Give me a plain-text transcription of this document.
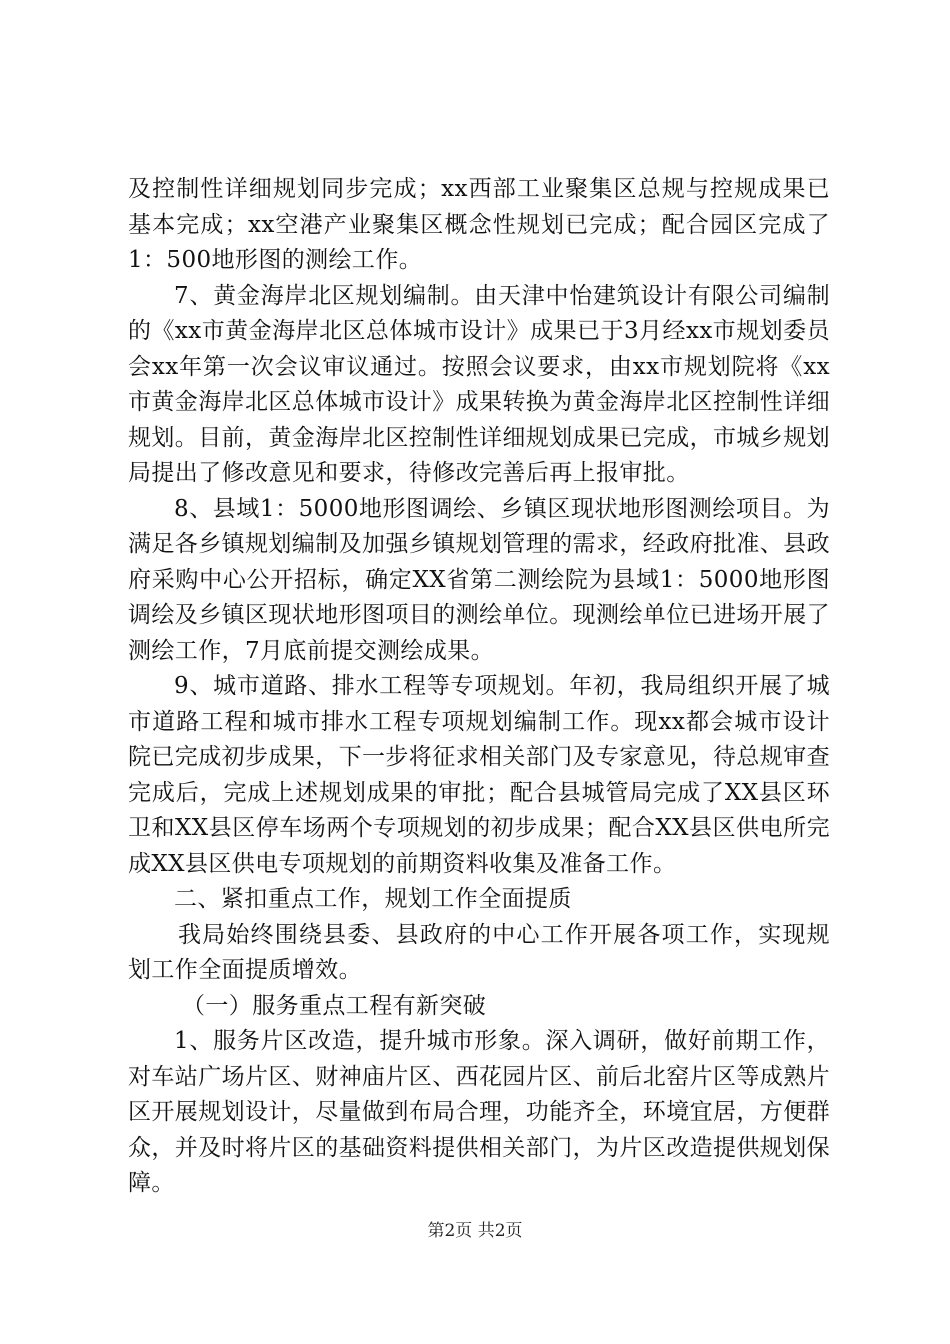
及控制性详细规划同步完成；xx西部工业聚集区总规与控规成果已基本完成；xx空港产业聚集区概念性规划已完成；配合园区完成了1：500地形图的测绘工作。

7、黄金海岸北区规划编制。由天津中怡建筑设计有限公司编制的《xx市黄金海岸北区总体城市设计》成果已于3月经xx市规划委员会xx年第一次会议审议通过。按照会议要求，由xx市规划院将《xx市黄金海岸北区总体城市设计》成果转换为黄金海岸北区控制性详细规划。目前，黄金海岸北区控制性详细规划成果已完成，市城乡规划局提出了修改意见和要求，待修改完善后再上报审批。

8、县域1：5000地形图调绘、乡镇区现状地形图测绘项目。为满足各乡镇规划编制及加强乡镇规划管理的需求，经政府批准、县政府采购中心公开招标，确定XX省第二测绘院为县域1：5000地形图调绘及乡镇区现状地形图项目的测绘单位。现测绘单位已进场开展了测绘工作，7月底前提交测绘成果。

9、城市道路、排水工程等专项规划。年初，我局组织开展了城市道路工程和城市排水工程专项规划编制工作。现xx都会城市设计院已完成初步成果，下一步将征求相关部门及专家意见，待总规审查完成后，完成上述规划成果的审批；配合县城管局完成了XX县区环卫和XX县区停车场两个专项规划的初步成果；配合XX县区供电所完成XX县区供电专项规划的前期资料收集及准备工作。

二、紧扣重点工作，规划工作全面提质

我局始终围绕县委、县政府的中心工作开展各项工作，实现规划工作全面提质增效。

（一）服务重点工程有新突破

1、服务片区改造，提升城市形象。深入调研，做好前期工作，对车站广场片区、财神庙片区、西花园片区、前后北窑片区等成熟片区开展规划设计，尽量做到布局合理，功能齐全，环境宜居，方便群众，并及时将片区的基础资料提供相关部门，为片区改造提供规划保障。

第2页 共2页
